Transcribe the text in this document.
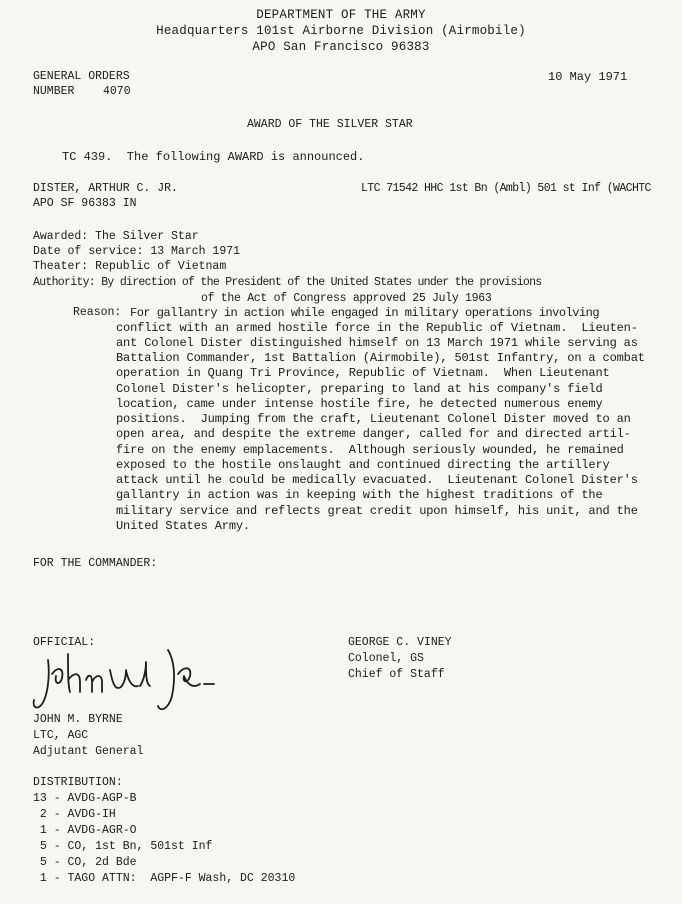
DEPARTMENT OF THE ARMY
Headquarters 101st Airborne Division (Airmobile)
APO San Francisco 96383
GENERAL ORDERS
NUMBER 4070
10 May 1971
AWARD OF THE SILVER STAR
TC 439.  The following AWARD is announced.
DISTER, ARTHUR C. JR.	LTC 71542 HHC 1st Bn (Ambl) 501 st Inf (WACHTC
APO SF 96383 IN
Awarded: The Silver Star
Date of service: 13 March 1971
Theater: Republic of Vietnam
Authority: By direction of the President of the United States under the provisions
of the Act of Congress approved 25 July 1963
Reason: For gallantry in action while engaged in military operations involving
conflict with an armed hostile force in the Republic of Vietnam.  Lieuten-
ant Colonel Dister distinguished himself on 13 March 1971 while serving as
Battalion Commander, 1st Battalion (Airmobile), 501st Infantry, on a combat
operation in Quang Tri Province, Republic of Vietnam.  When Lieutenant
Colonel Dister's helicopter, preparing to land at his company's field
location, came under intense hostile fire, he detected numerous enemy
positions.  Jumping from the craft, Lieutenant Colonel Dister moved to an
open area, and despite the extreme danger, called for and directed artil-
fire on the enemy emplacements.  Although seriously wounded, he remained
exposed to the hostile onslaught and continued directing the artillery
attack until he could be medically evacuated.  Lieutenant Colonel Dister's
gallantry in action was in keeping with the highest traditions of the
military service and reflects great credit upon himself, his unit, and the
United States Army.
FOR THE COMMANDER:
OFFICIAL:
JOHN M. BYRNE
LTC, AGC
Adjutant General
GEORGE C. VINEY
Colonel, GS
Chief of Staff
DISTRIBUTION:
13 - AVDG-AGP-B
2 - AVDG-IH
1 - AVDG-AGR-O
5 - CO, 1st Bn, 501st Inf
5 - CO, 2d Bde
1 - TAGO ATTN:  AGPF-F Wash, DC 20310
